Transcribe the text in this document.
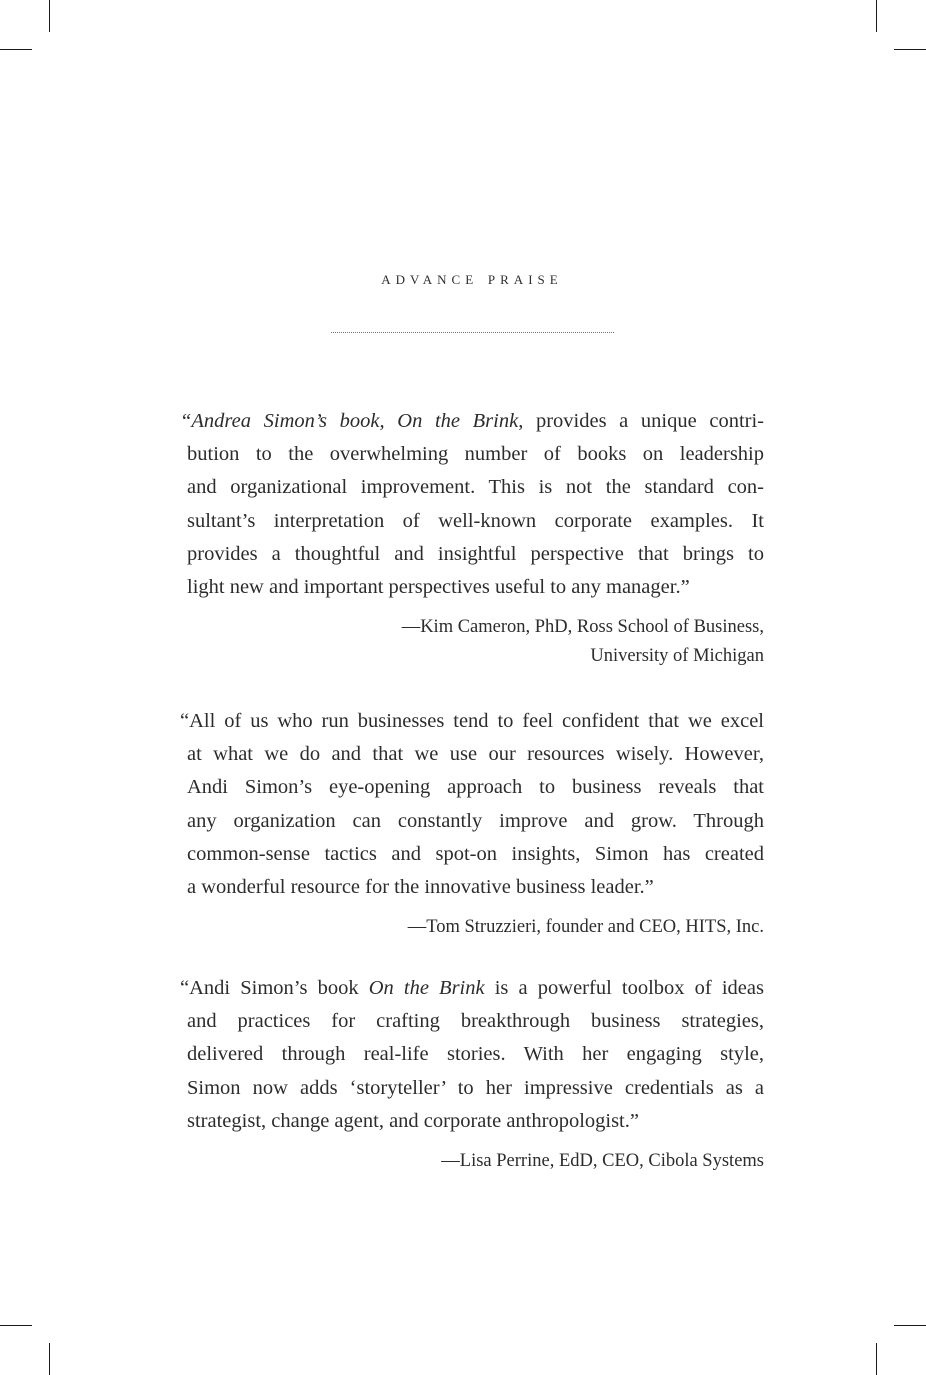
advance praise
“Andrea Simon’s book, On the Brink, provides a unique contri-
bution to the overwhelming number of books on leadership
and organizational improvement. This is not the standard con-
sultant’s interpretation of well-known corporate examples. It
provides a thoughtful and insightful perspective that brings to
light new and important perspectives useful to any manager.”
—Kim Cameron, PhD, Ross School of Business,
University of Michigan
“All of us who run businesses tend to feel confident that we excel
at what we do and that we use our resources wisely. However,
Andi Simon’s eye-opening approach to business reveals that
any organization can constantly improve and grow. Through
common-sense tactics and spot-on insights, Simon has created
a wonderful resource for the innovative business leader.”
—Tom Struzzieri, founder and CEO, HITS, Inc.
“Andi Simon’s book On the Brink is a powerful toolbox of ideas
and practices for crafting breakthrough business strategies,
delivered through real-life stories. With her engaging style,
Simon now adds ‘storyteller’ to her impressive credentials as a
strategist, change agent, and corporate anthropologist.”
—Lisa Perrine, EdD, CEO, Cibola Systems
